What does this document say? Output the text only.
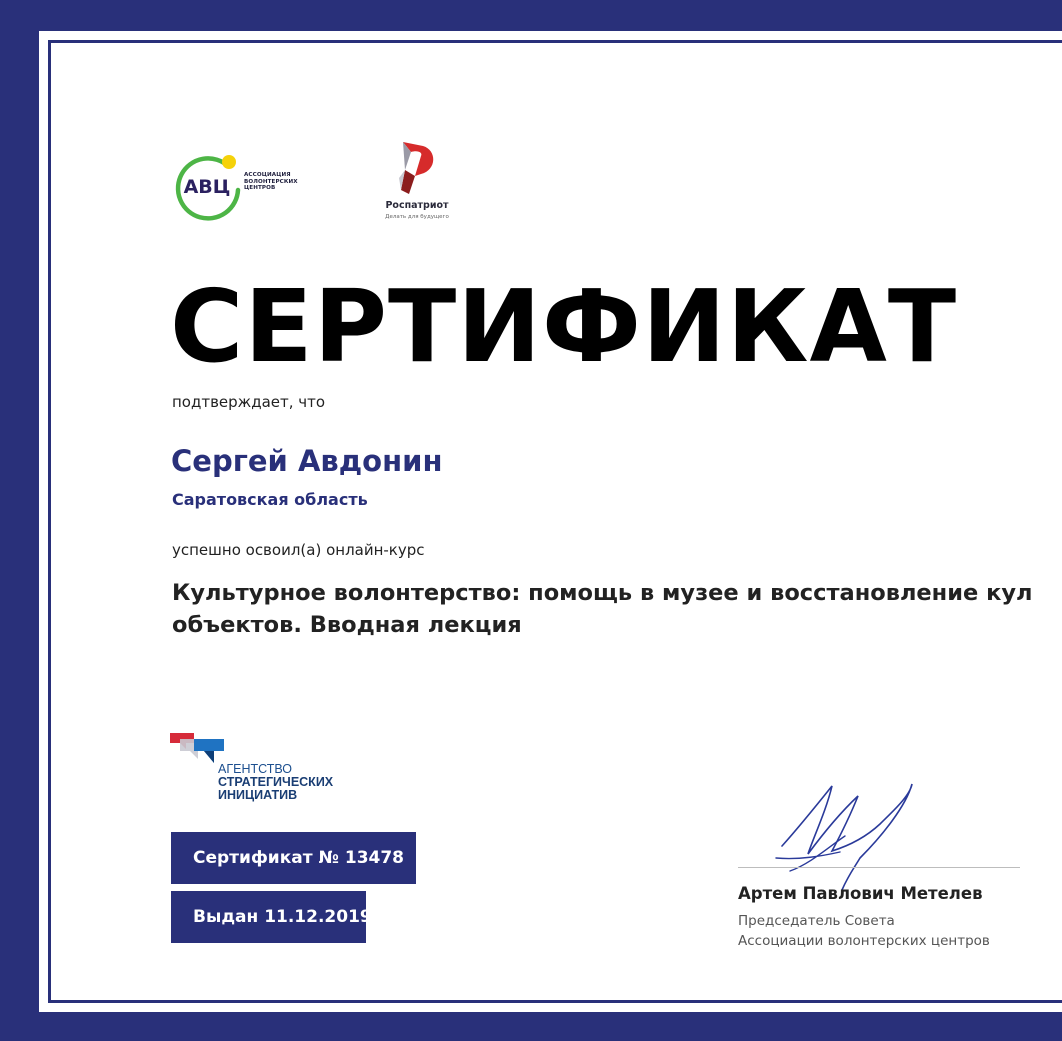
АВЦ
АССОЦИАЦИЯ
ВОЛОНТЕРСКИХ
ЦЕНТРОВ
Роспатриот
Делать для будущего
СЕРТИФИКАТ
подтверждает, что
Сергей Авдонин
Саратовская область
успешно освоил(а) онлайн-курс
Культурное волонтерство: помощь в музее и восстановление кул
объектов. Вводная лекция
АГЕНТСТВО
СТРАТЕГИЧЕСКИХ
ИНИЦИАТИВ
Сертификат № 13478
Выдан 11.12.2019
Артем Павлович Метелев
Председатель Совета
Ассоциации волонтерских центров
